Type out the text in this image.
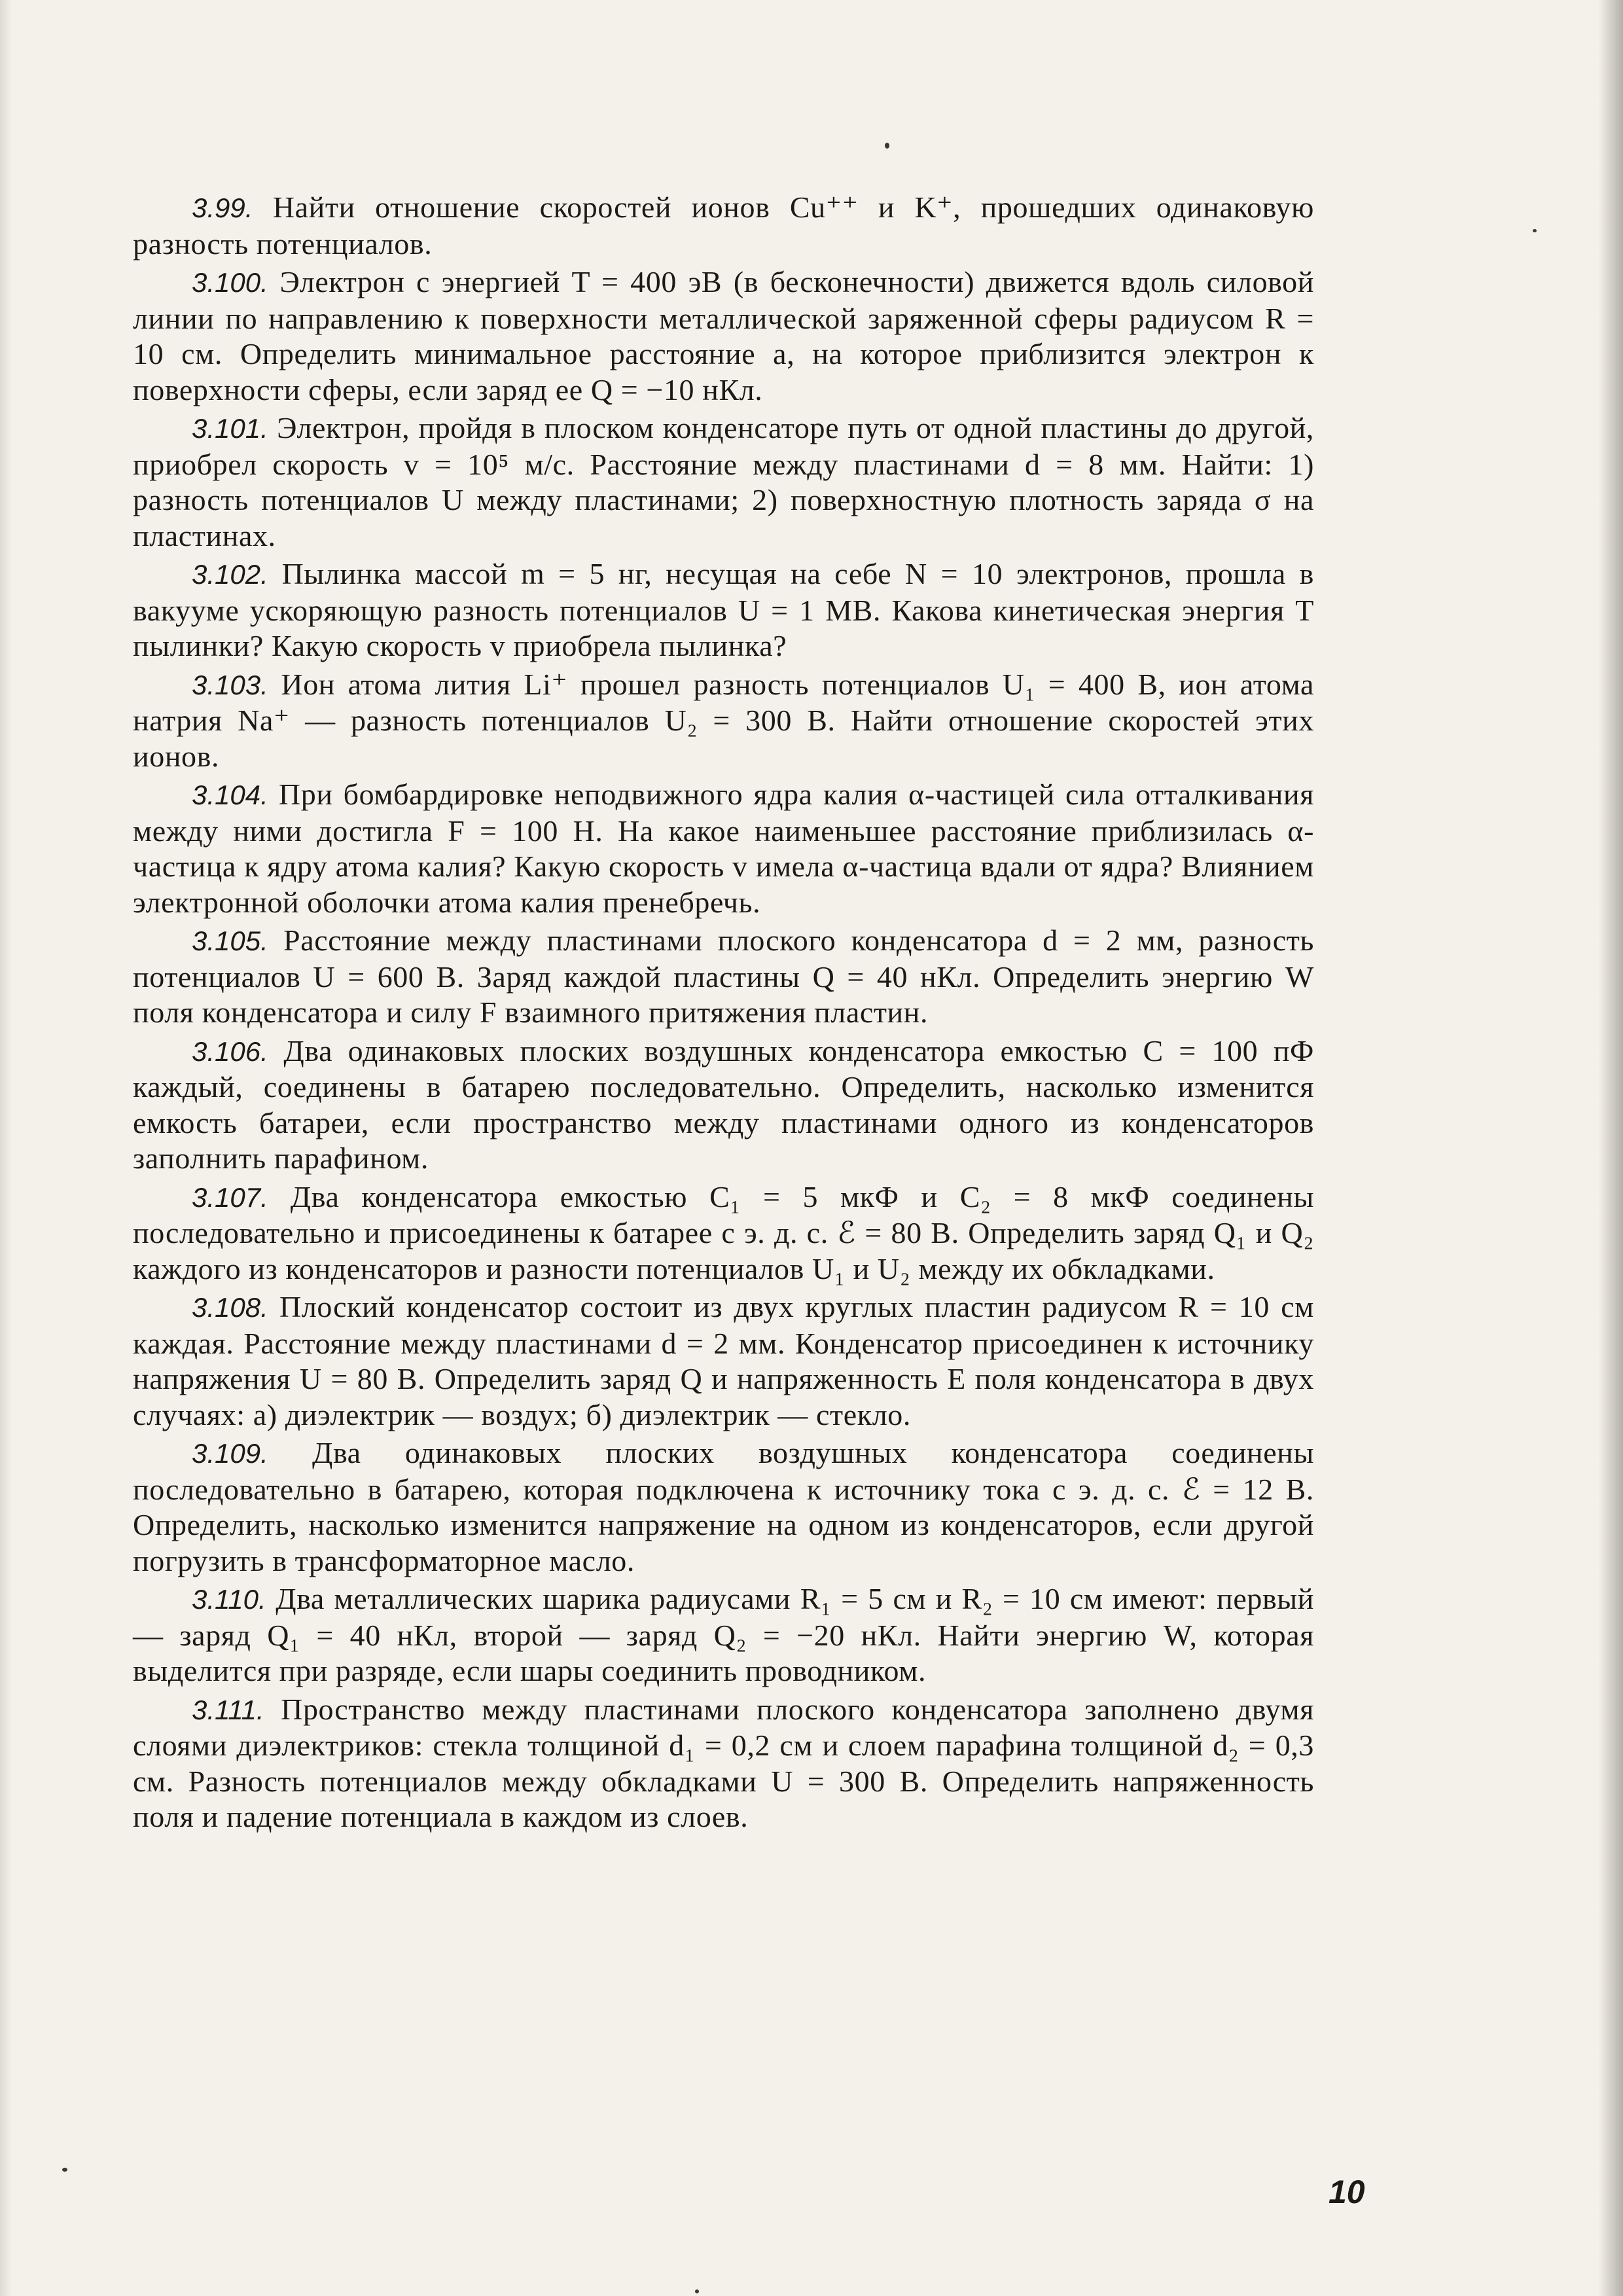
3.99. Найти отношение скоростей ионов Cu⁺⁺ и K⁺, прошедших одинаковую разность потенциалов.

3.100. Электрон с энергией T = 400 эВ (в бесконечности) движется вдоль силовой линии по направлению к поверхности металлической заряженной сферы радиусом R = 10 см. Определить минимальное расстояние a, на которое приблизится электрон к поверхности сферы, если заряд ее Q = −10 нКл.

3.101. Электрон, пройдя в плоском конденсаторе путь от одной пластины до другой, приобрел скорость v = 10⁵ м/с. Расстояние между пластинами d = 8 мм. Найти: 1) разность потенциалов U между пластинами; 2) поверхностную плотность заряда σ на пластинах.

3.102. Пылинка массой m = 5 нг, несущая на себе N = 10 электронов, прошла в вакууме ускоряющую разность потенциалов U = 1 МВ. Какова кинетическая энергия T пылинки? Какую скорость v приобрела пылинка?

3.103. Ион атома лития Li⁺ прошел разность потенциалов U₁ = 400 В, ион атома натрия Na⁺ — разность потенциалов U₂ = 300 В. Найти отношение скоростей этих ионов.

3.104. При бомбардировке неподвижного ядра калия α-частицей сила отталкивания между ними достигла F = 100 Н. На какое наименьшее расстояние приблизилась α-частица к ядру атома калия? Какую скорость v имела α-частица вдали от ядра? Влиянием электронной оболочки атома калия пренебречь.

3.105. Расстояние между пластинами плоского конденсатора d = 2 мм, разность потенциалов U = 600 В. Заряд каждой пластины Q = 40 нКл. Определить энергию W поля конденсатора и силу F взаимного притяжения пластин.

3.106. Два одинаковых плоских воздушных конденсатора емкостью C = 100 пФ каждый, соединены в батарею последовательно. Определить, насколько изменится емкость батареи, если пространство между пластинами одного из конденсаторов заполнить парафином.

3.107. Два конденсатора емкостью C₁ = 5 мкФ и C₂ = 8 мкФ соединены последовательно и присоединены к батарее с э. д. с. ℰ = 80 В. Определить заряд Q₁ и Q₂ каждого из конденсаторов и разности потенциалов U₁ и U₂ между их обкладками.

3.108. Плоский конденсатор состоит из двух круглых пластин радиусом R = 10 см каждая. Расстояние между пластинами d = 2 мм. Конденсатор присоединен к источнику напряжения U = 80 В. Определить заряд Q и напряженность E поля конденсатора в двух случаях: а) диэлектрик — воздух; б) диэлектрик — стекло.

3.109. Два одинаковых плоских воздушных конденсатора соединены последовательно в батарею, которая подключена к источнику тока с э. д. с. ℰ = 12 В. Определить, насколько изменится напряжение на одном из конденсаторов, если другой погрузить в трансформаторное масло.

3.110. Два металлических шарика радиусами R₁ = 5 см и R₂ = 10 см имеют: первый — заряд Q₁ = 40 нКл, второй — заряд Q₂ = −20 нКл. Найти энергию W, которая выделится при разряде, если шары соединить проводником.

3.111. Пространство между пластинами плоского конденсатора заполнено двумя слоями диэлектриков: стекла толщиной d₁ = 0,2 см и слоем парафина толщиной d₂ = 0,3 см. Разность потенциалов между обкладками U = 300 В. Определить напряженность поля и падение потенциала в каждом из слоев.

10
